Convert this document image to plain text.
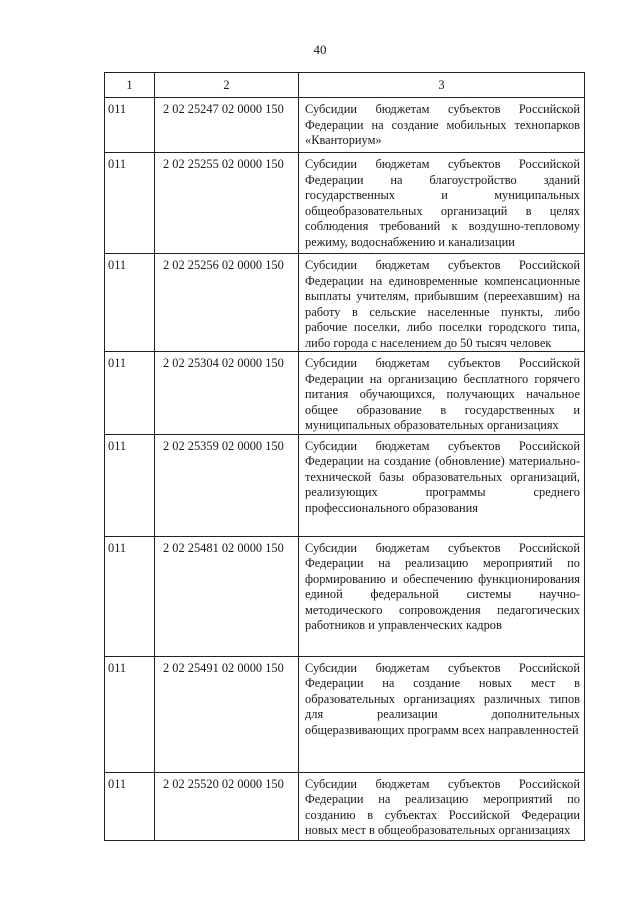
40
1	2	3
011	2 02 25247 02 0000 150	Субсидии бюджетам субъектов Российской Федерации на создание мобильных технопарков «Кванториум»
011	2 02 25255 02 0000 150	Субсидии бюджетам субъектов Российской Федерации на благоустройство зданий государственных и муниципальных общеобразовательных организаций в целях соблюдения требований к воздушно-тепловому режиму, водоснабжению и канализации
011	2 02 25256 02 0000 150	Субсидии бюджетам субъектов Российской Федерации на единовременные компенсационные выплаты учителям, прибывшим (переехавшим) на работу в сельские населенные пункты, либо рабочие поселки, либо поселки городского типа, либо города с населением до 50 тысяч человек
011	2 02 25304 02 0000 150	Субсидии бюджетам субъектов Российской Федерации на организацию бесплатного горячего питания обучающихся, получающих начальное общее образование в государственных и муниципальных образовательных организациях
011	2 02 25359 02 0000 150	Субсидии бюджетам субъектов Российской Федерации на создание (обновление) материально-технической базы образовательных организаций, реализующих программы среднего профессионального образования
011	2 02 25481 02 0000 150	Субсидии бюджетам субъектов Российской Федерации на реализацию мероприятий по формированию и обеспечению функционирования единой федеральной системы научно-методического сопровождения педагогических работников и управленческих кадров
011	2 02 25491 02 0000 150	Субсидии бюджетам субъектов Российской Федерации на создание новых мест в образовательных организациях различных типов для реализации дополнительных общеразвивающих программ всех направленностей
011	2 02 25520 02 0000 150	Субсидии бюджетам субъектов Российской Федерации на реализацию мероприятий по созданию в субъектах Российской Федерации новых мест в общеобразовательных организациях
